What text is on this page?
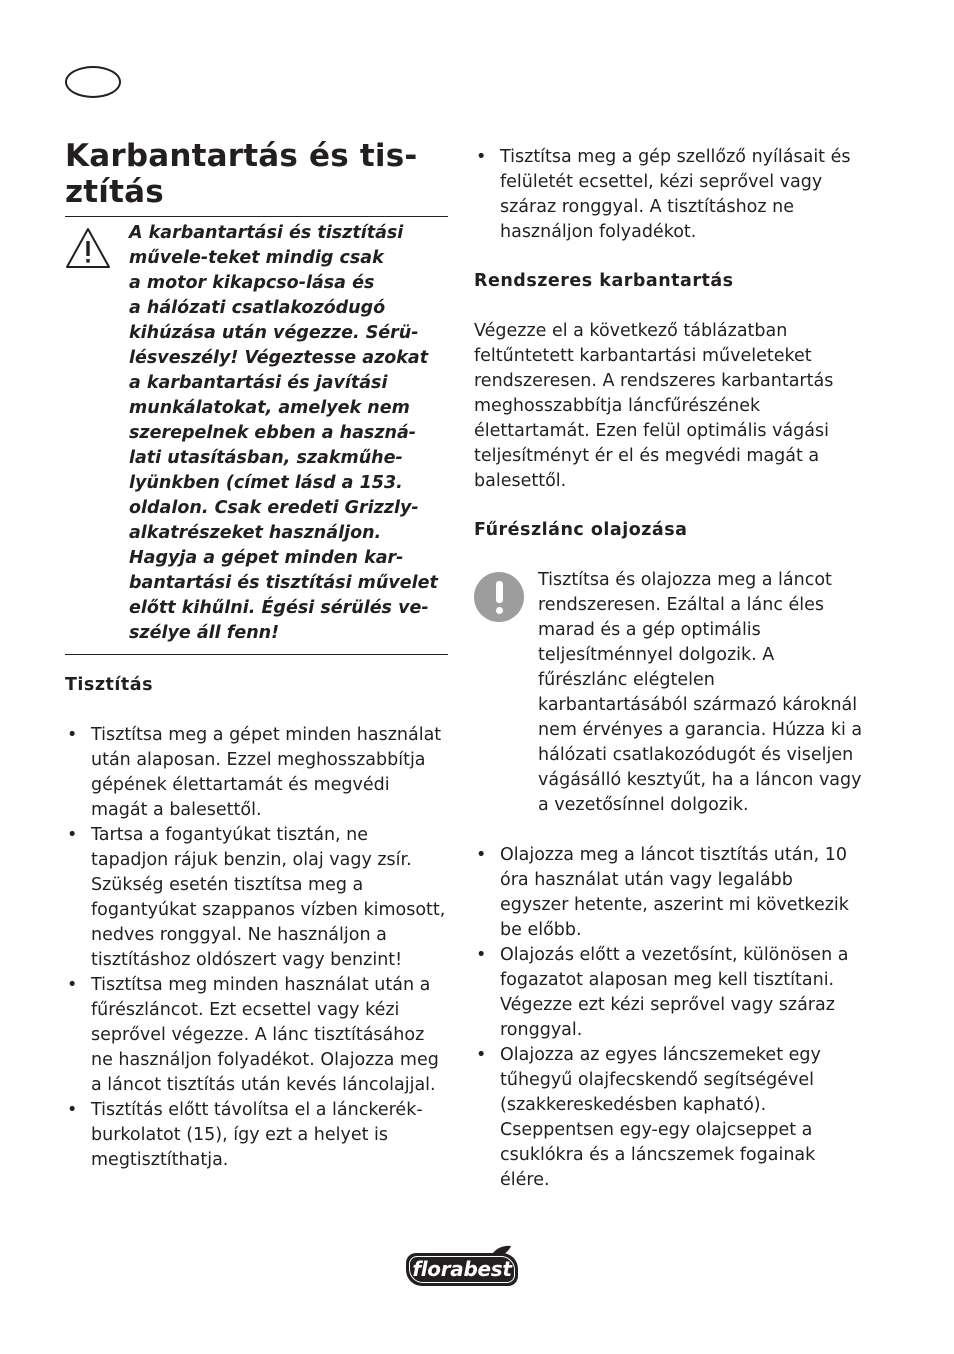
Karbantartás és tis-
ztítás
A karbantartási és tisztítási
művele-teket mindig csak
a motor kikapcso-lása és
a hálózati csatlakozódugó
kihúzása után végezze. Sérü-
lésveszély! Végeztesse azokat
a karbantartási és javítási
munkálatokat, amelyek nem
szerepelnek ebben a haszná-
lati utasításban, szakműhe-
lyünkben (címet lásd a 153.
oldalon. Csak eredeti Grizzly-
alkatrészeket használjon.
Hagyja a gépet minden kar-
bantartási és tisztítási művelet
előtt kihűlni. Égési sérülés ve-
szélye áll fenn!
Tisztítás
• Tisztítsa meg a gépet minden használat után alaposan. Ezzel meghosszabbítja gépének élettartamát és megvédi magát a balesettől.
• Tartsa a fogantyúkat tisztán, ne tapadjon rájuk benzin, olaj vagy zsír. Szükség esetén tisztítsa meg a fogantyúkat szappanos vízben kimosott, nedves ronggyal. Ne használjon a tisztításhoz oldószert vagy benzint!
• Tisztítsa meg minden használat után a fűrészláncot. Ezt ecsettel vagy kézi seprővel végezze. A lánc tisztításához ne használjon folyadékot. Olajozza meg a láncot tisztítás után kevés láncolajjal.
• Tisztítás előtt távolítsa el a lánckerék-burkolatot (15), így ezt a helyet is megtisztíthatja.
• Tisztítsa meg a gép szellőző nyílásait és felületét ecsettel, kézi seprővel vagy száraz ronggyal. A tisztításhoz ne használjon folyadékot.
Rendszeres karbantartás

Végezze el a következő táblázatban feltűntetett karbantartási műveleteket rendszeresen. A rendszeres karbantartás meghosszabbítja láncfűrészének élettartamát. Ezen felül optimális vágási teljesítményt ér el és megvédi magát a balesettől.

Fűrészlánc olajozása

Tisztítsa és olajozza meg a láncot rendszeresen. Ezáltal a lánc éles marad és a gép optimális teljesítménnyel dolgozik. A fűrészlánc elégtelen karbantartásából származó károknál nem érvényes a garancia. Húzza ki a hálózati csatlakozódugót és viseljen vágásálló kesztyűt, ha a láncon vagy a vezetősínnel dolgozik.

• Olajozza meg a láncot tisztítás után, 10 óra használat után vagy legalább egyszer hetente, aszerint mi következik be előbb.
• Olajozás előtt a vezetősínt, különösen a fogazatot alaposan meg kell tisztítani. Végezze ezt kézi seprővel vagy száraz ronggyal.
• Olajozza az egyes láncszemeket egy tűhegyű olajfecskendő segítségével (szakkereskedésben kapható). Cseppentsen egy-egy olajcseppet a csuklókra és a láncszemek fogainak élére.
florabest
